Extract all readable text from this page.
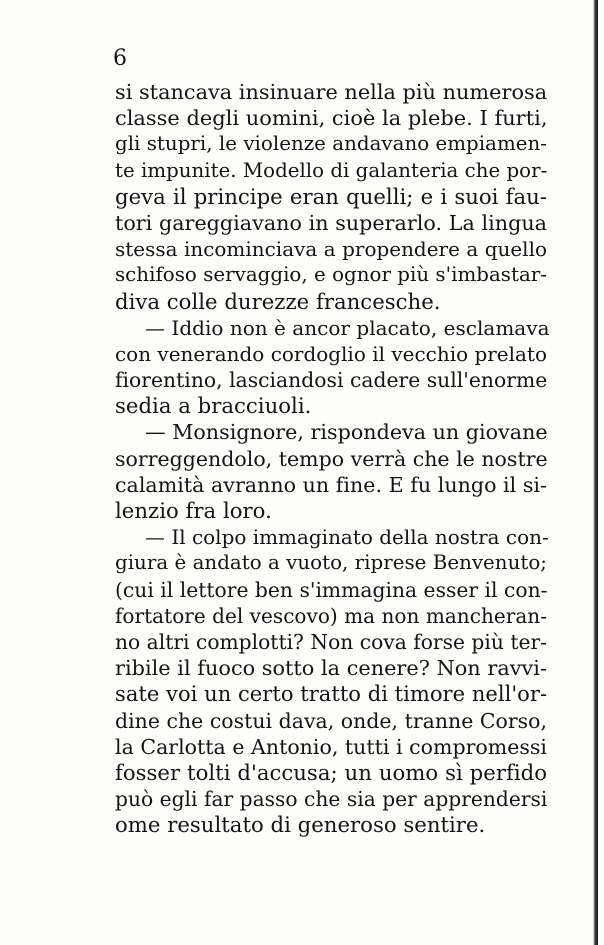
6
si stancava insinuare nella più numerosa
classe degli uomini, cioè la plebe. I furti,
gli stupri, le violenze andavano empiamen-
te impunite. Modello di galanteria che por-
geva il principe eran quelli; e i suoi fau-
tori gareggiavano in superarlo. La lingua
stessa incominciava a propendere a quello
schifoso servaggio, e ognor più s'imbastar-
diva colle durezze francesche.
— Iddio non è ancor placato, esclamava
con venerando cordoglio il vecchio prelato
fiorentino, lasciandosi cadere sull'enorme
sedia a bracciuoli.
— Monsignore, rispondeva un giovane
sorreggendolo, tempo verrà che le nostre
calamità avranno un fine. E fu lungo il si-
lenzio fra loro.
— Il colpo immaginato della nostra con-
giura è andato a vuoto, riprese Benvenuto;
(cui il lettore ben s'immagina esser il con-
fortatore del vescovo) ma non mancheran-
no altri complotti? Non cova forse più ter-
ribile il fuoco sotto la cenere? Non ravvi-
sate voi un certo tratto di timore nell'or-
dine che costui dava, onde, tranne Corso,
la Carlotta e Antonio, tutti i compromessi
fosser tolti d'accusa; un uomo sì perfido
può egli far passo che sia per apprendersi
ome resultato di generoso sentire.
